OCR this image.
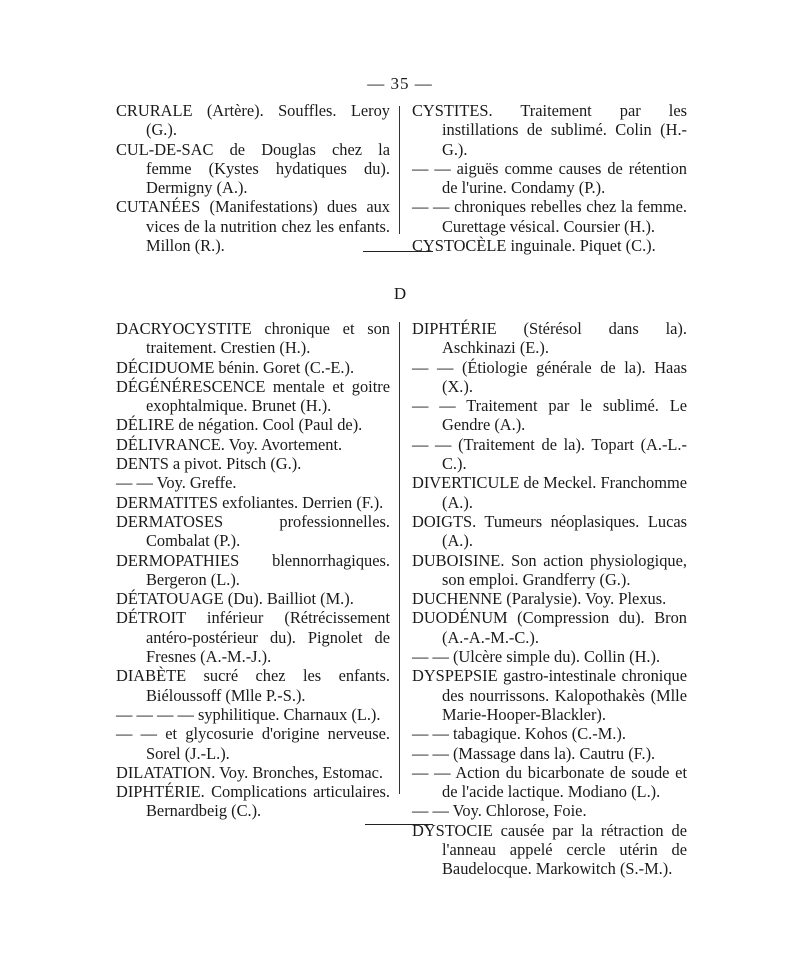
— 35 —

CRURALE (Artère). Souffles. Leroy (G.).

CUL-DE-SAC de Douglas chez la femme (Kystes hydatiques du). Dermigny (A.).

CUTANÉES (Manifestations) dues aux vices de la nutrition chez les enfants. Millon (R.).

CYSTITES. Traitement par les instillations de sublimé. Colin (H.-G.).

— — aiguës comme causes de rétention de l'urine. Condamy (P.).

— — chroniques rebelles chez la femme. Curettage vésical. Coursier (H.).

CYSTOCÈLE inguinale. Piquet (C.).

D

DACRYOCYSTITE chronique et son traitement. Crestien (H.).

DÉCIDUOME bénin. Goret (C.-E.).

DÉGÉNÉRESCENCE mentale et goitre exophtalmique. Brunet (H.).

DÉLIRE de négation. Cool (Paul de).

DÉLIVRANCE. Voy. Avortement.

DENTS a pivot. Pitsch (G.).

— — Voy. Greffe.

DERMATITES exfoliantes. Derrien (F.).

DERMATOSES professionnelles. Combalat (P.).

DERMOPATHIES blennorrhagiques. Bergeron (L.).

DÉTATOUAGE (Du). Bailliot (M.).

DÉTROIT inférieur (Rétrécissement antéro-postérieur du). Pignolet de Fresnes (A.-M.-J.).

DIABÈTE sucré chez les enfants. Biéloussoff (Mlle P.-S.).

— — — — syphilitique. Charnaux (L.).

— — et glycosurie d'origine nerveuse. Sorel (J.-L.).

DILATATION. Voy. Bronches, Estomac.

DIPHTÉRIE. Complications articulaires. Bernardbeig (C.).

DIPHTÉRIE (Stérésol dans la). Aschkinazi (E.).

— — (Étiologie générale de la). Haas (X.).

— — Traitement par le sublimé. Le Gendre (A.).

— — (Traitement de la). Topart (A.-L.-C.).

DIVERTICULE de Meckel. Franchomme (A.).

DOIGTS. Tumeurs néoplasiques. Lucas (A.).

DUBOISINE. Son action physiologique, son emploi. Grandferry (G.).

DUCHENNE (Paralysie). Voy. Plexus.

DUODÉNUM (Compression du). Bron (A.-A.-M.-C.).

— — (Ulcère simple du). Collin (H.).

DYSPEPSIE gastro-intestinale chronique des nourrissons. Kalopothakès (Mlle Marie-Hooper-Blackler).

— — tabagique. Kohos (C.-M.).

— — (Massage dans la). Cautru (F.).

— — Action du bicarbonate de soude et de l'acide lactique. Modiano (L.).

— — Voy. Chlorose, Foie.

DYSTOCIE causée par la rétraction de l'anneau appelé cercle utérin de Baudelocque. Markowitch (S.-M.).
